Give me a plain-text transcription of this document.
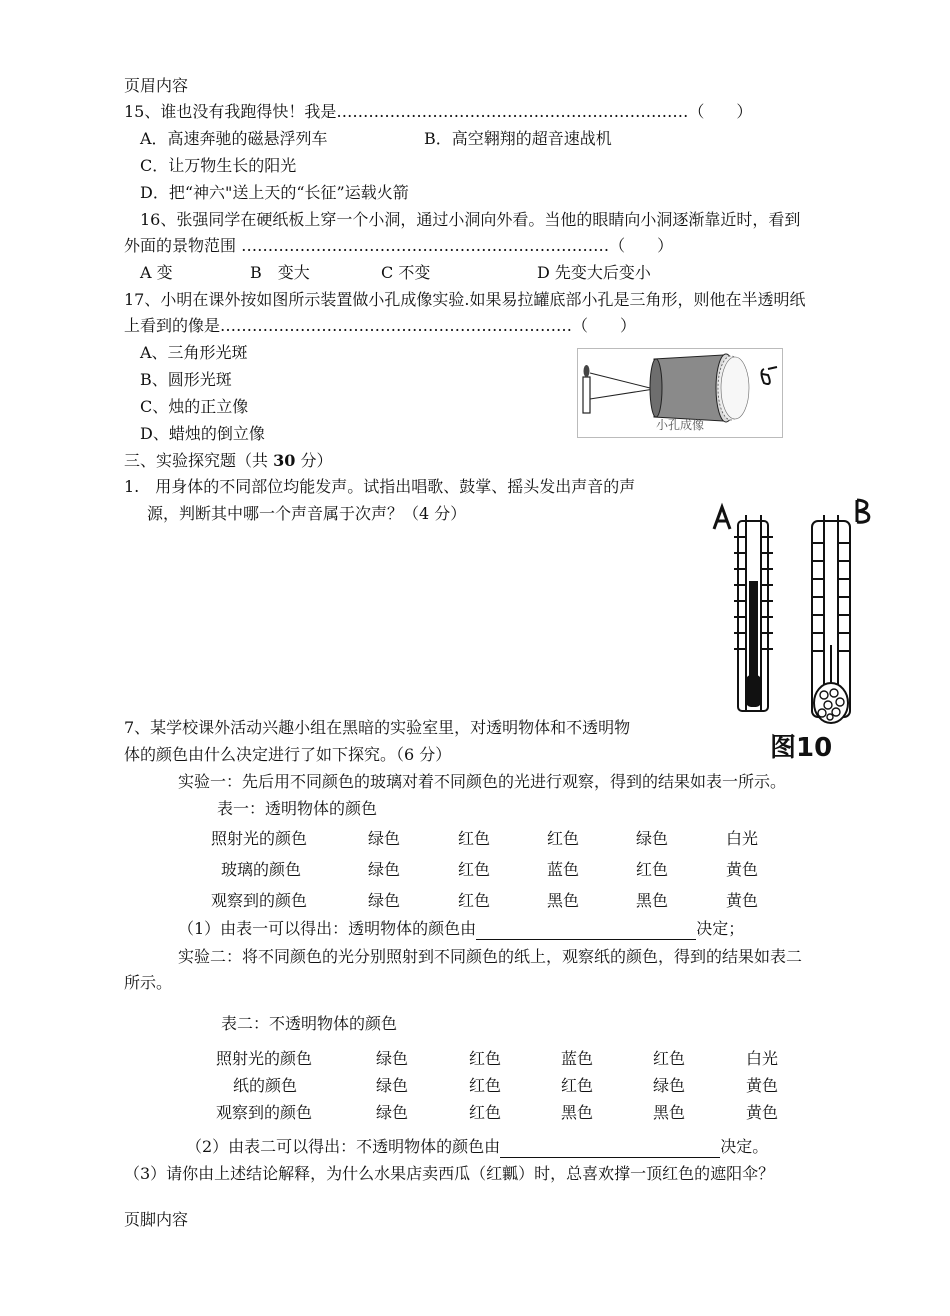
页眉内容
15、谁也没有我跑得快！我是…………………………………………………………（　　）
A．高速奔驰的磁悬浮列车	B．高空翱翔的超音速战机
C．让万物生长的阳光
D．把“神六"送上天的“长征”运载火箭
16、张强同学在硬纸板上穿一个小洞，通过小洞向外看。当他的眼睛向小洞逐渐靠近时，看到
外面的景物范围 ……………………………………………………………（　　）
A 变	B　变大	C 不变	D 先变大后变小
17、小明在课外按如图所示装置做小孔成像实验.如果易拉罐底部小孔是三角形，则他在半透明纸
上看到的像是…………………………………………………………（　　）
A、三角形光斑
B、圆形光斑
C、烛的正立像
D、蜡烛的倒立像	小孔成像
三、实验探究题（共 30 分）
1.　用身体的不同部位均能发声。试指出唱歌、鼓掌、摇头发出声音的声
源，判断其中哪一个声音属于次声？（4 分）
图10
7、某学校课外活动兴趣小组在黑暗的实验室里，对透明物体和不透明物
体的颜色由什么决定进行了如下探究。（6 分）
实验一：先后用不同颜色的玻璃对着不同颜色的光进行观察，得到的结果如表一所示。
表一：透明物体的颜色
照射光的颜色	绿色	红色	红色	绿色	白光
玻璃的颜色	绿色	红色	蓝色	红色	黄色
观察到的颜色	绿色	红色	黑色	黑色	黄色
（1）由表一可以得出：透明物体的颜色由	决定；
实验二：将不同颜色的光分别照射到不同颜色的纸上，观察纸的颜色，得到的结果如表二
所示。
表二：不透明物体的颜色
照射光的颜色	绿色	红色	蓝色	红色	白光
纸的颜色	绿色	红色	红色	绿色	黄色
观察到的颜色	绿色	红色	黑色	黑色	黄色
（2）由表二可以得出：不透明物体的颜色由	决定。
（3）请你由上述结论解释，为什么水果店卖西瓜（红瓤）时，总喜欢撑一顶红色的遮阳伞？
页脚内容
